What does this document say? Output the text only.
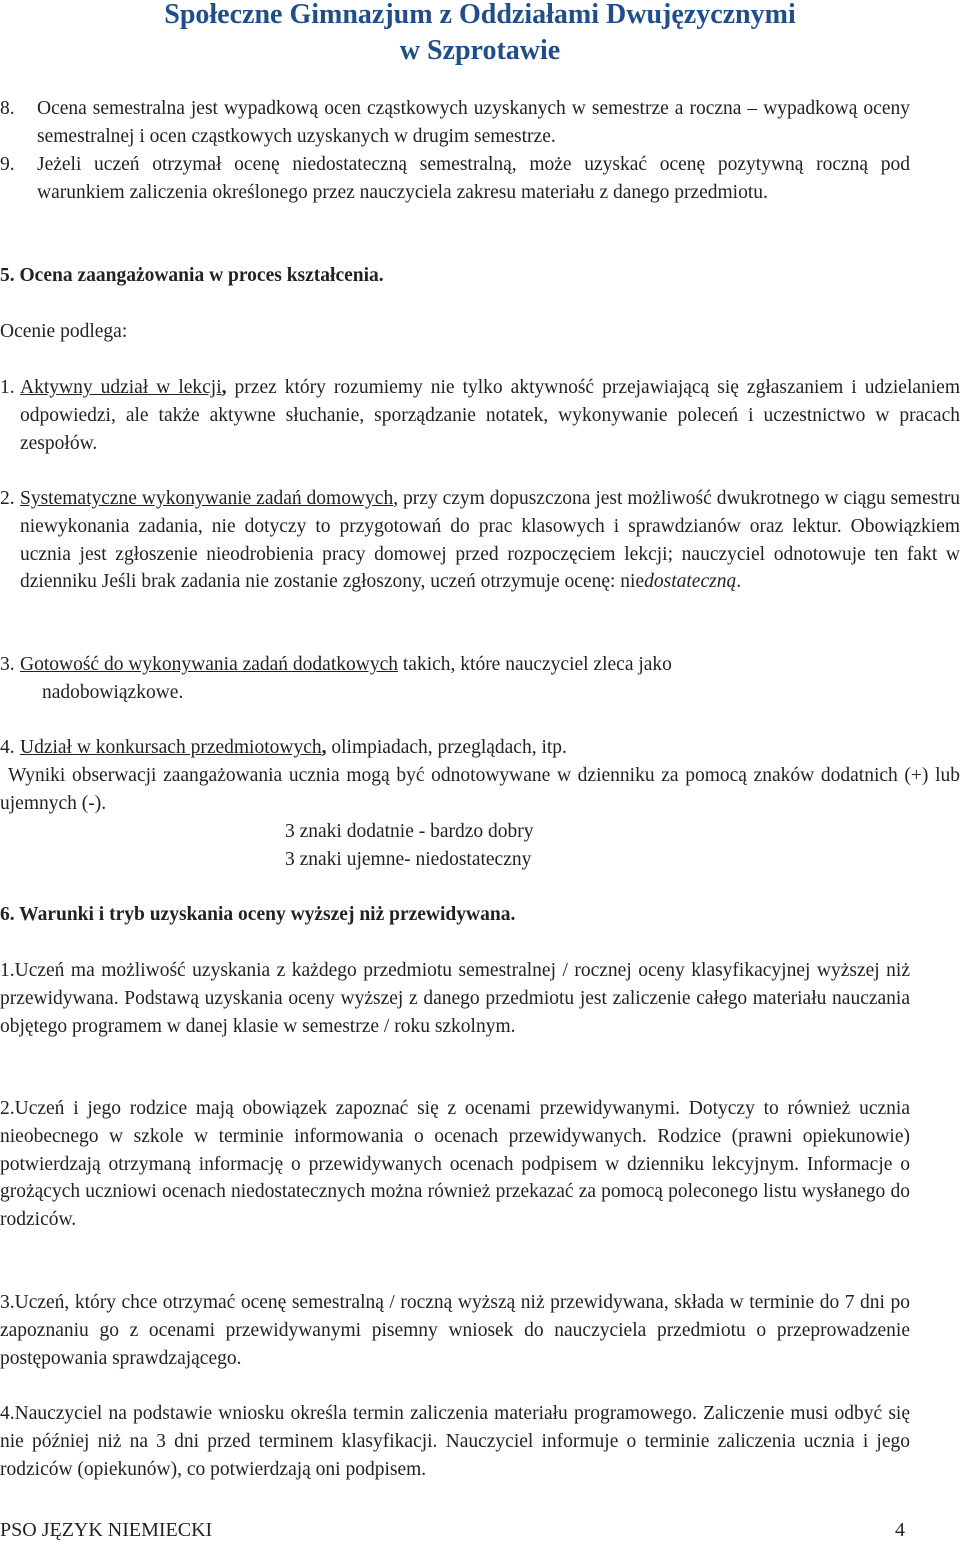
Społeczne Gimnazjum z Oddziałami Dwujęzycznymi
w Szprotawie
8. Ocena semestralna jest wypadkową ocen cząstkowych uzyskanych w semestrze a roczna – wypadkową oceny semestralnej i ocen cząstkowych uzyskanych w drugim semestrze.
9. Jeżeli uczeń otrzymał ocenę niedostateczną semestralną, może uzyskać ocenę pozytywną roczną pod warunkiem zaliczenia określonego przez nauczyciela zakresu materiału z danego przedmiotu.
5. Ocena zaangażowania w proces kształcenia.
Ocenie podlega:
1. Aktywny udział w lekcji, przez który rozumiemy nie tylko aktywność przejawiającą się zgłaszaniem i udzielaniem odpowiedzi, ale także aktywne słuchanie, sporządzanie notatek, wykonywanie poleceń i uczestnictwo w pracach zespołów.
2. Systematyczne wykonywanie zadań domowych, przy czym dopuszczona jest możliwość dwukrotnego w ciągu semestru niewykonania zadania, nie dotyczy to przygotowań do prac klasowych i sprawdzianów oraz lektur. Obowiązkiem ucznia jest zgłoszenie nieodrobienia pracy domowej przed rozpoczęciem lekcji; nauczyciel odnotowuje ten fakt w dzienniku Jeśli brak zadania nie zostanie zgłoszony, uczeń otrzymuje ocenę: niedostateczną.
3. Gotowość do wykonywania zadań dodatkowych takich, które nauczyciel zleca jako
nadobowiązkowe.
4. Udział w konkursach przedmiotowych, olimpiadach, przeglądach, itp.
Wyniki obserwacji zaangażowania ucznia mogą być odnotowywane w dzienniku za pomocą znaków dodatnich (+) lub ujemnych (-).
3 znaki dodatnie - bardzo dobry
3 znaki ujemne- niedostateczny
6. Warunki i tryb uzyskania oceny wyższej niż przewidywana.
1.Uczeń ma możliwość uzyskania z każdego przedmiotu semestralnej / rocznej oceny klasyfikacyjnej wyższej niż przewidywana. Podstawą uzyskania oceny wyższej z danego przedmiotu jest zaliczenie całego materiału nauczania objętego programem w danej klasie w semestrze / roku szkolnym.
2.Uczeń i jego rodzice mają obowiązek zapoznać się z ocenami przewidywanymi. Dotyczy to również ucznia nieobecnego w szkole w terminie informowania o ocenach przewidywanych. Rodzice (prawni opiekunowie) potwierdzają otrzymaną informację o przewidywanych ocenach podpisem w dzienniku lekcyjnym. Informacje o grożących uczniowi ocenach niedostatecznych można również przekazać za pomocą poleconego listu wysłanego do rodziców.
3.Uczeń, który chce otrzymać ocenę semestralną / roczną wyższą niż przewidywana, składa w terminie do 7 dni po zapoznaniu go z ocenami przewidywanymi pisemny wniosek do nauczyciela przedmiotu o przeprowadzenie postępowania sprawdzającego.
4.Nauczyciel na podstawie wniosku określa termin zaliczenia materiału programowego. Zaliczenie musi odbyć się nie później niż na 3 dni przed terminem klasyfikacji. Nauczyciel informuje o terminie zaliczenia ucznia i jego rodziców (opiekunów), co potwierdzają oni podpisem.
PSO JĘZYK NIEMIECKI	4
